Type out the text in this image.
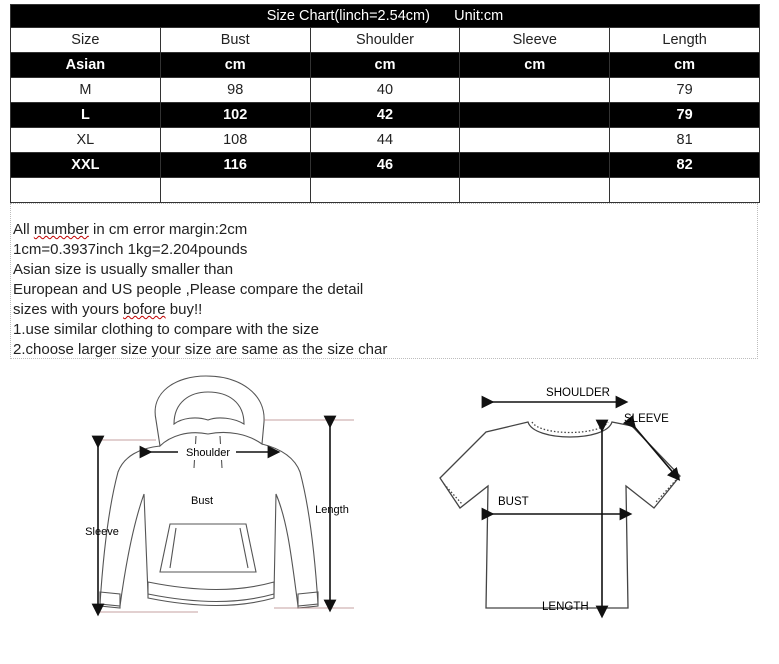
Size Chart(linch=2.54cm)      Unit:cm				
Size	Bust	Shoulder	Sleeve	Length
Asian	cm	cm	cm	cm
M	98	40		79
L	102	42		79
XL	108	44		81
XXL	116	46		82

All mumber in cm error margin:2cm
1cm=0.3937inch 1kg=2.204pounds
Asian size is usually smaller than
European and US people ,Please compare the detail
sizes with yours bofore buy!!
1.use similar clothing to compare with the size
2.choose larger size your size are same as the size char
Shoulder
Bust
Length
Sleeve
SHOULDER
SLEEVE
BUST
LENGTH
